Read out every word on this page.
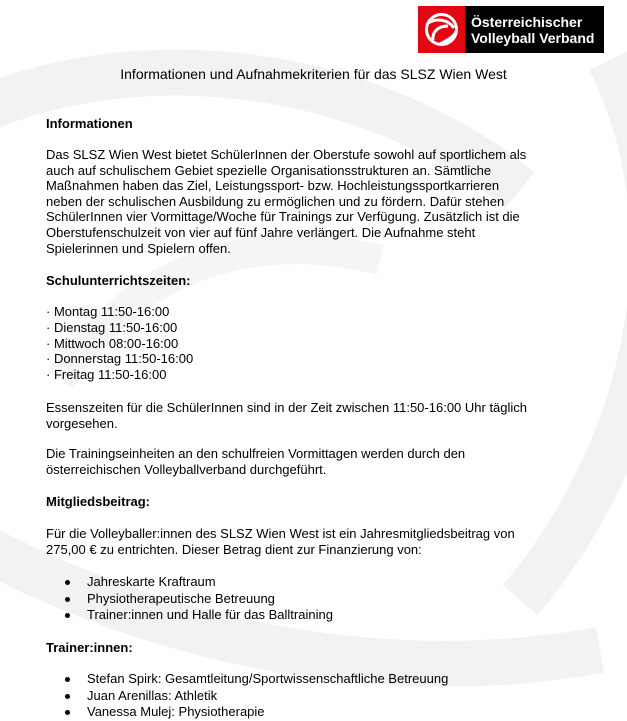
Österreichischer
Volleyball Verband
Informationen und Aufnahmekriterien für das SLSZ Wien West
Informationen
Das SLSZ Wien West bietet SchülerInnen der Oberstufe sowohl auf sportlichem als
auch auf schulischem Gebiet spezielle Organisationsstrukturen an. Sämtliche
Maßnahmen haben das Ziel, Leistungssport- bzw. Hochleistungssportkarrieren
neben der schulischen Ausbildung zu ermöglichen und zu fördern. Dafür stehen
SchülerInnen vier Vormittage/Woche für Trainings zur Verfügung. Zusätzlich ist die
Oberstufenschulzeit von vier auf fünf Jahre verlängert. Die Aufnahme steht
Spielerinnen und Spielern offen.
Schulunterrichtszeiten:
· Montag 11:50-16:00
· Dienstag 11:50-16:00
· Mittwoch 08:00-16:00
· Donnerstag 11:50-16:00
· Freitag 11:50-16:00
Essenszeiten für die SchülerInnen sind in der Zeit zwischen 11:50-16:00 Uhr täglich
vorgesehen.
Die Trainingseinheiten an den schulfreien Vormittagen werden durch den
österreichischen Volleyballverband durchgeführt.
Mitgliedsbeitrag:
Für die Volleyballer:innen des SLSZ Wien West ist ein Jahresmitgliedsbeitrag von
275,00 € zu entrichten. Dieser Betrag dient zur Finanzierung von:
Jahreskarte Kraftraum
Physiotherapeutische Betreuung
Trainer:innen und Halle für das Balltraining
Trainer:innen:
Stefan Spirk: Gesamtleitung/Sportwissenschaftliche Betreuung
Juan Arenillas: Athletik
Vanessa Mulej: Physiotherapie
